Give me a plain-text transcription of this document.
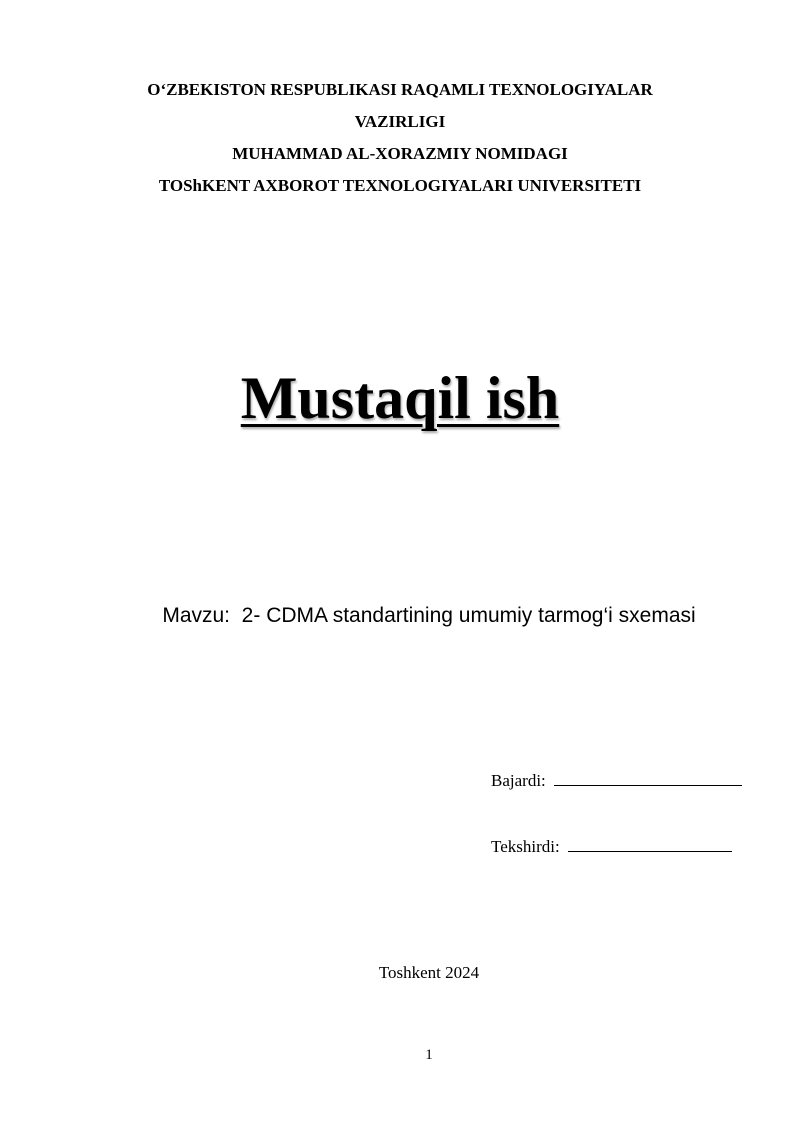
O‘ZBEKISTON RESPUBLIKASI RAQAMLI TEXNOLOGIYALAR
VAZIRLIGI
MUHAMMAD AL-XORAZMIY NOMIDAGI
TOShKENT AXBOROT TEXNOLOGIYALARI UNIVERSITETI
Mustaqil ish
Mavzu:  2- CDMA standartining umumiy tarmog‘i sxemasi
Bajardi:
Tekshirdi:
Toshkent 2024
1
